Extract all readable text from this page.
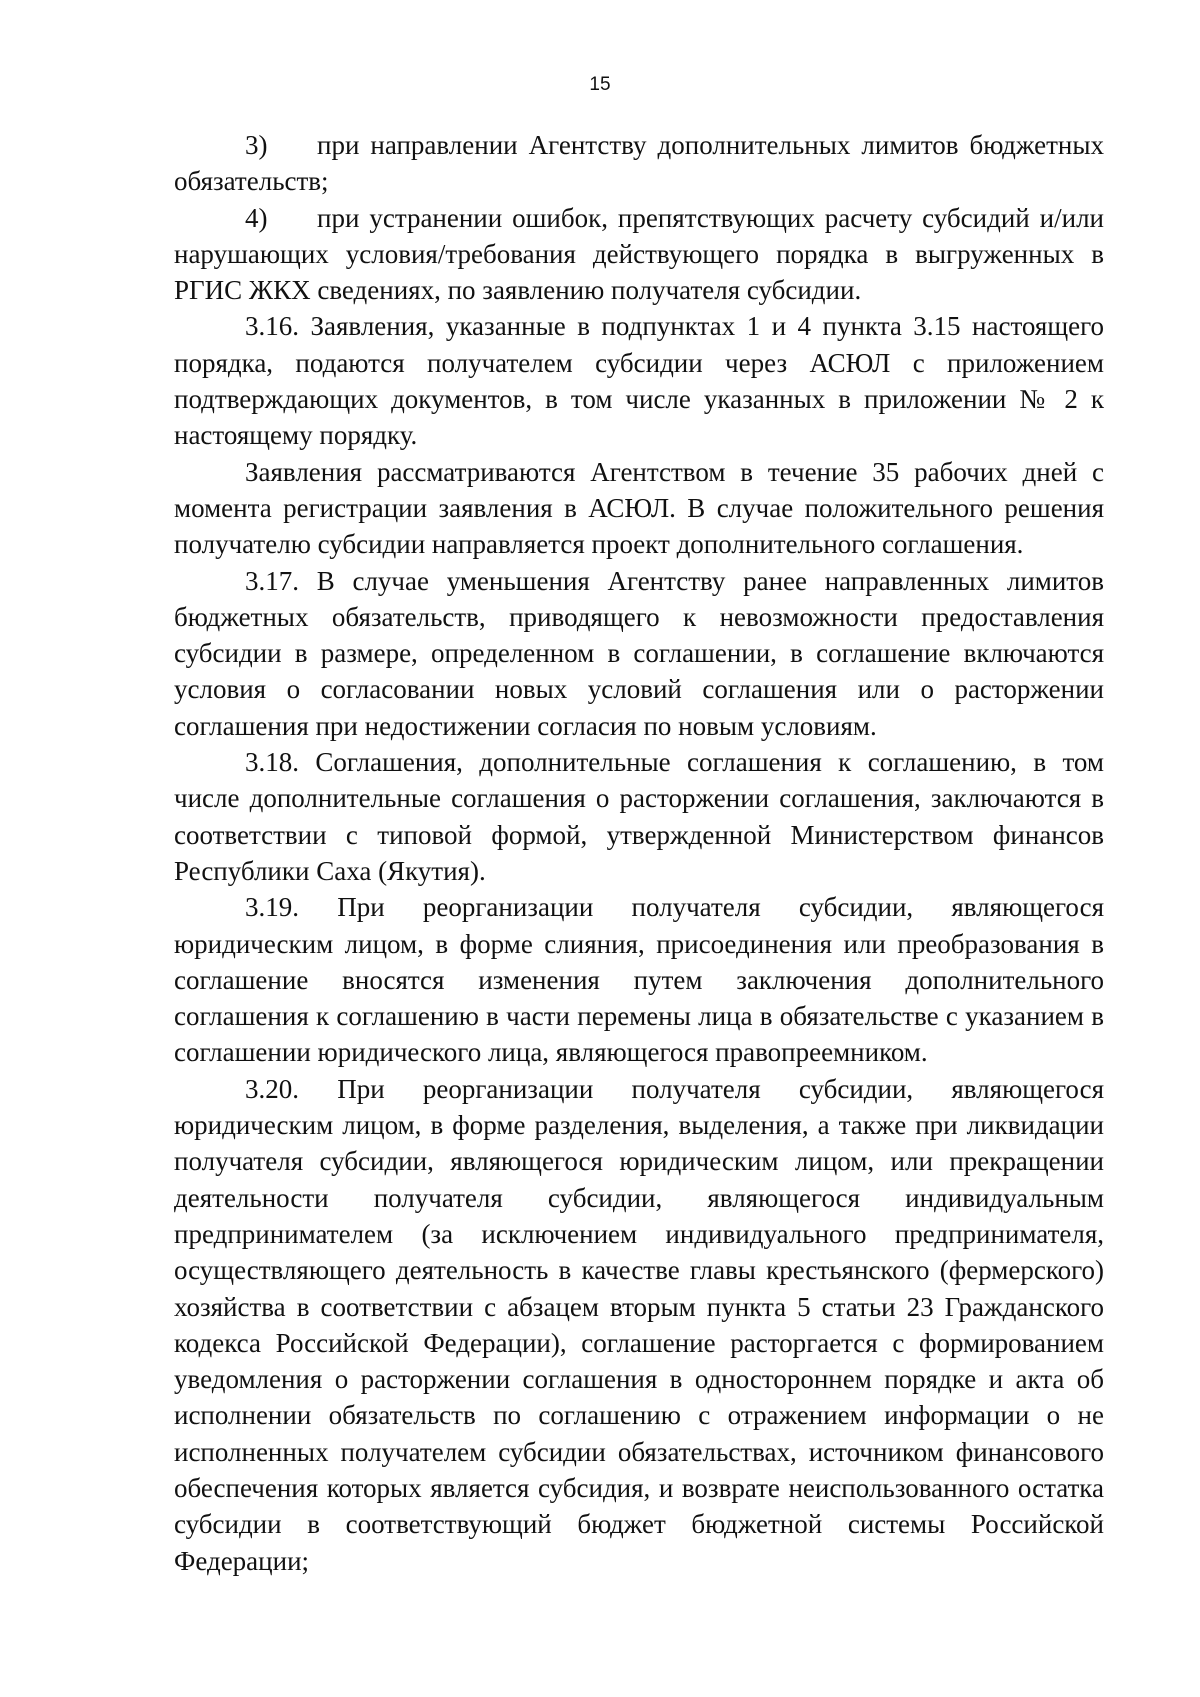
15

3) при направлении Агентству дополнительных лимитов бюджетных обязательств;

4) при устранении ошибок, препятствующих расчету субсидий и/или нарушающих условия/требования действующего порядка в выгруженных в РГИС ЖКХ сведениях, по заявлению получателя субсидии.

3.16. Заявления, указанные в подпунктах 1 и 4 пункта 3.15 настоящего порядка, подаются получателем субсидии через АСЮЛ с приложением подтверждающих документов, в том числе указанных в приложении № 2 к настоящему порядку.

Заявления рассматриваются Агентством в течение 35 рабочих дней с момента регистрации заявления в АСЮЛ. В случае положительного решения получателю субсидии направляется проект дополнительного соглашения.

3.17. В случае уменьшения Агентству ранее направленных лимитов бюджетных обязательств, приводящего к невозможности предоставления субсидии в размере, определенном в соглашении, в соглашение включаются условия о согласовании новых условий соглашения или о расторжении соглашения при недостижении согласия по новым условиям.

3.18. Соглашения, дополнительные соглашения к соглашению, в том числе дополнительные соглашения о расторжении соглашения, заключаются в соответствии с типовой формой, утвержденной Министерством финансов Республики Саха (Якутия).

3.19. При реорганизации получателя субсидии, являющегося юридическим лицом, в форме слияния, присоединения или преобразования в соглашение вносятся изменения путем заключения дополнительного соглашения к соглашению в части перемены лица в обязательстве с указанием в соглашении юридического лица, являющегося правопреемником.

3.20. При реорганизации получателя субсидии, являющегося юридическим лицом, в форме разделения, выделения, а также при ликвидации получателя субсидии, являющегося юридическим лицом, или прекращении деятельности получателя субсидии, являющегося индивидуальным предпринимателем (за исключением индивидуального предпринимателя, осуществляющего деятельность в качестве главы крестьянского (фермерского) хозяйства в соответствии с абзацем вторым пункта 5 статьи 23 Гражданского кодекса Российской Федерации), соглашение расторгается с формированием уведомления о расторжении соглашения в одностороннем порядке и акта об исполнении обязательств по соглашению с отражением информации о не исполненных получателем субсидии обязательствах, источником финансового обеспечения которых является субсидия, и возврате неиспользованного остатка субсидии в соответствующий бюджет бюджетной системы Российской Федерации;
